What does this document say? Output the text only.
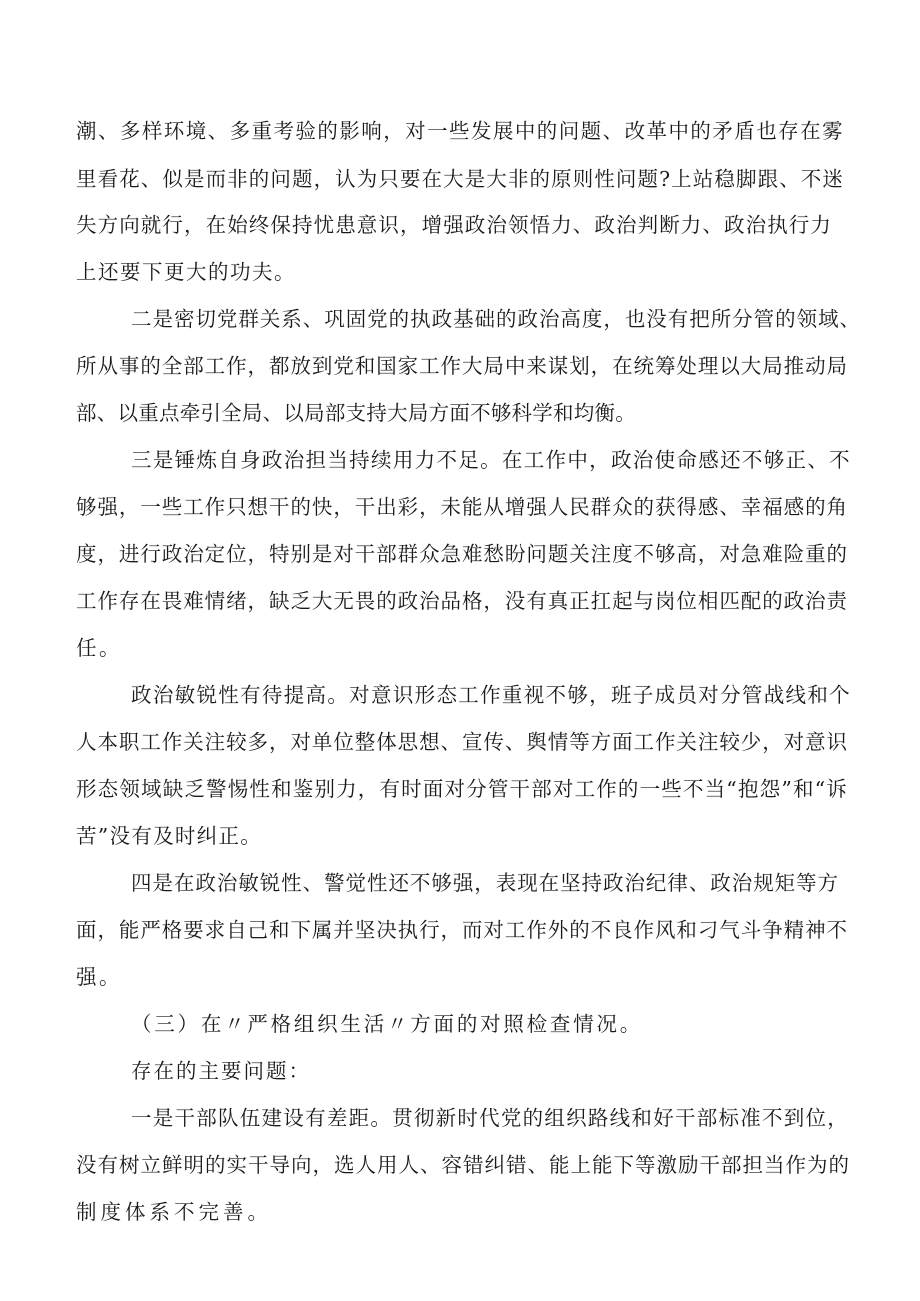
潮、多样环境、多重考验的影响，对一些发展中的问题、改革中的矛盾也存在雾
里看花、似是而非的问题，认为只要在大是大非的原则性问题?上站稳脚跟、不迷
失方向就行，在始终保持忧患意识，增强政治领悟力、政治判断力、政治执行力
上还要下更大的功夫。
二是密切党群关系、巩固党的执政基础的政治高度，也没有把所分管的领域、
所从事的全部工作，都放到党和国家工作大局中来谋划，在统筹处理以大局推动局
部、以重点牵引全局、以局部支持大局方面不够科学和均衡。
三是锤炼自身政治担当持续用力不足。在工作中，政治使命感还不够正、不
够强，一些工作只想干的快，干出彩，未能从增强人民群众的获得感、幸福感的角
度，进行政治定位，特别是对干部群众急难愁盼问题关注度不够高，对急难险重的
工作存在畏难情绪，缺乏大无畏的政治品格，没有真正扛起与岗位相匹配的政治责
任。
政治敏锐性有待提高。对意识形态工作重视不够，班子成员对分管战线和个
人本职工作关注较多，对单位整体思想、宣传、舆情等方面工作关注较少，对意识
形态领域缺乏警惕性和鉴别力，有时面对分管干部对工作的一些不当“抱怨”和“诉
苦”没有及时纠正。
四是在政治敏锐性、警觉性还不够强，表现在坚持政治纪律、政治规矩等方
面，能严格要求自己和下属并坚决执行，而对工作外的不良作风和刁气斗争精神不
强。
（三）在〃严格组织生活〃方面的对照检查情况。
存在的主要问题：
一是干部队伍建设有差距。贯彻新时代党的组织路线和好干部标准不到位，
没有树立鲜明的实干导向，选人用人、容错纠错、能上能下等激励干部担当作为的
制度体系不完善。
